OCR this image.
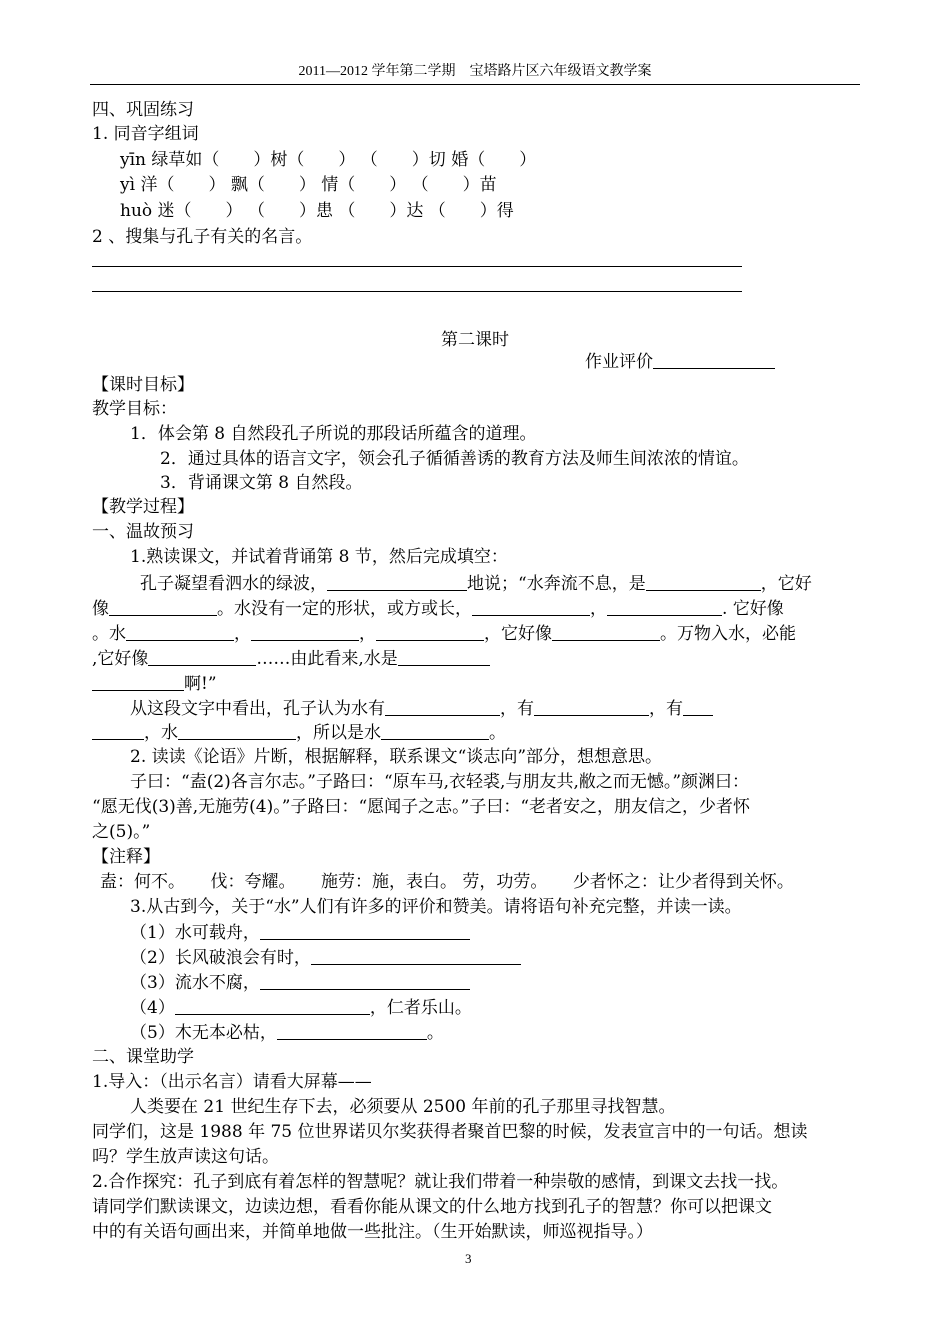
2011—2012 学年第二学期　宝塔路片区六年级语文教学案
四、巩固练习
1. 同音字组词
yīn 绿草如（　　）树（　　） （　　）切 婚（　　）
yì 洋（　　） 飘（　　） 情（　　） （　　）苗
huò 迷（　　） （　　）患 （　　）达 （　　）得
2 、搜集与孔子有关的名言。
第二课时
作业评价
【课时目标】
教学目标：
1．体会第 8 自然段孔子所说的那段话所蕴含的道理。
2．通过具体的语言文字，领会孔子循循善诱的教育方法及师生间浓浓的情谊。
3．背诵课文第 8 自然段。
【教学过程】
一、温故预习
1.熟读课文，并试着背诵第 8 节，然后完成填空：
孔子凝望看泗水的绿波，	地说；“水奔流不息，是	，它好
像	。水没有一定的形状，或方或长，	，	. 它好像
。水	，	，	，它好像	。万物入水，必能
,它好像	……由此看来,水是
啊!”
从这段文字中看出，孔子认为水有	，有	，有
，水	，所以是水	。
2. 读读《论语》片断，根据解释，联系课文“谈志向”部分，想想意思。
子曰：“盍(2)各言尔志。”子路曰：“原车马,衣轻裘,与朋友共,敝之而无憾。”颜渊曰：
“愿无伐(3)善,无施劳(4)。”子路曰：“愿闻子之志。”子曰：“老者安之，朋友信之，少者怀
之(5)。”
【注释】
盍：何不。　　伐：夸耀。　　施劳：施，表白。 劳，功劳。　　少者怀之：让少者得到关怀。
3.从古到今，关于“水”人们有许多的评价和赞美。请将语句补充完整，并读一读。
（1）水可载舟，
（2）长风破浪会有时，
（3）流水不腐，
（4）	，仁者乐山。
（5）木无本必枯，	。
二、课堂助学
1.导入：（出示名言）请看大屏幕——
人类要在 21 世纪生存下去，必须要从 2500 年前的孔子那里寻找智慧。
同学们，这是 1988 年 75 位世界诺贝尔奖获得者聚首巴黎的时候，发表宣言中的一句话。想读
吗？学生放声读这句话。
2.合作探究：孔子到底有着怎样的智慧呢？就让我们带着一种崇敬的感情，到课文去找一找。
请同学们默读课文，边读边想，看看你能从课文的什么地方找到孔子的智慧？你可以把课文
中的有关语句画出来，并简单地做一些批注。（生开始默读，师巡视指导。）
3
